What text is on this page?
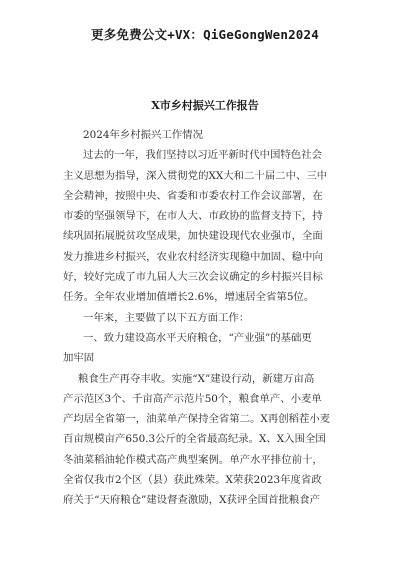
更多免费公文+VX：QiGeGongWen2024
X市乡村振兴工作报告
2024年乡村振兴工作情况
过去的一年，我们坚持以习近平新时代中国特色社会
主义思想为指导，深入贯彻党的XX大和二十届二中、三中
全会精神，按照中央、省委和市委农村工作会议部署，在
市委的坚强领导下，在市人大、市政协的监督支持下，持
续巩固拓展脱贫攻坚成果，加快建设现代农业强市，全面
发力推进乡村振兴，农业农村经济实现稳中加固、稳中向
好，较好完成了市九届人大三次会议确定的乡村振兴目标
任务。全年农业增加值增长2.6%，增速居全省第5位。
一年来，主要做了以下五方面工作：
一、致力建设高水平天府粮仓，“产业强”的基础更
加牢固
粮食生产再夺丰收。实施“X”建设行动，新建万亩高
产示范区3个、千亩高产示范片50个，粮食单产、小麦单
产均居全省第一，油菜单产保持全省第二。X再创稻茬小麦
百亩规模亩产650.3公斤的全省最高纪录。X、X入围全国
冬油菜稻油轮作模式高产典型案例。单产水平排位前十，
全省仅我市2个区（县）获此殊荣。X荣获2023年度省政
府关于“天府粮仓”建设督查激励，X获评全国首批粮食产
